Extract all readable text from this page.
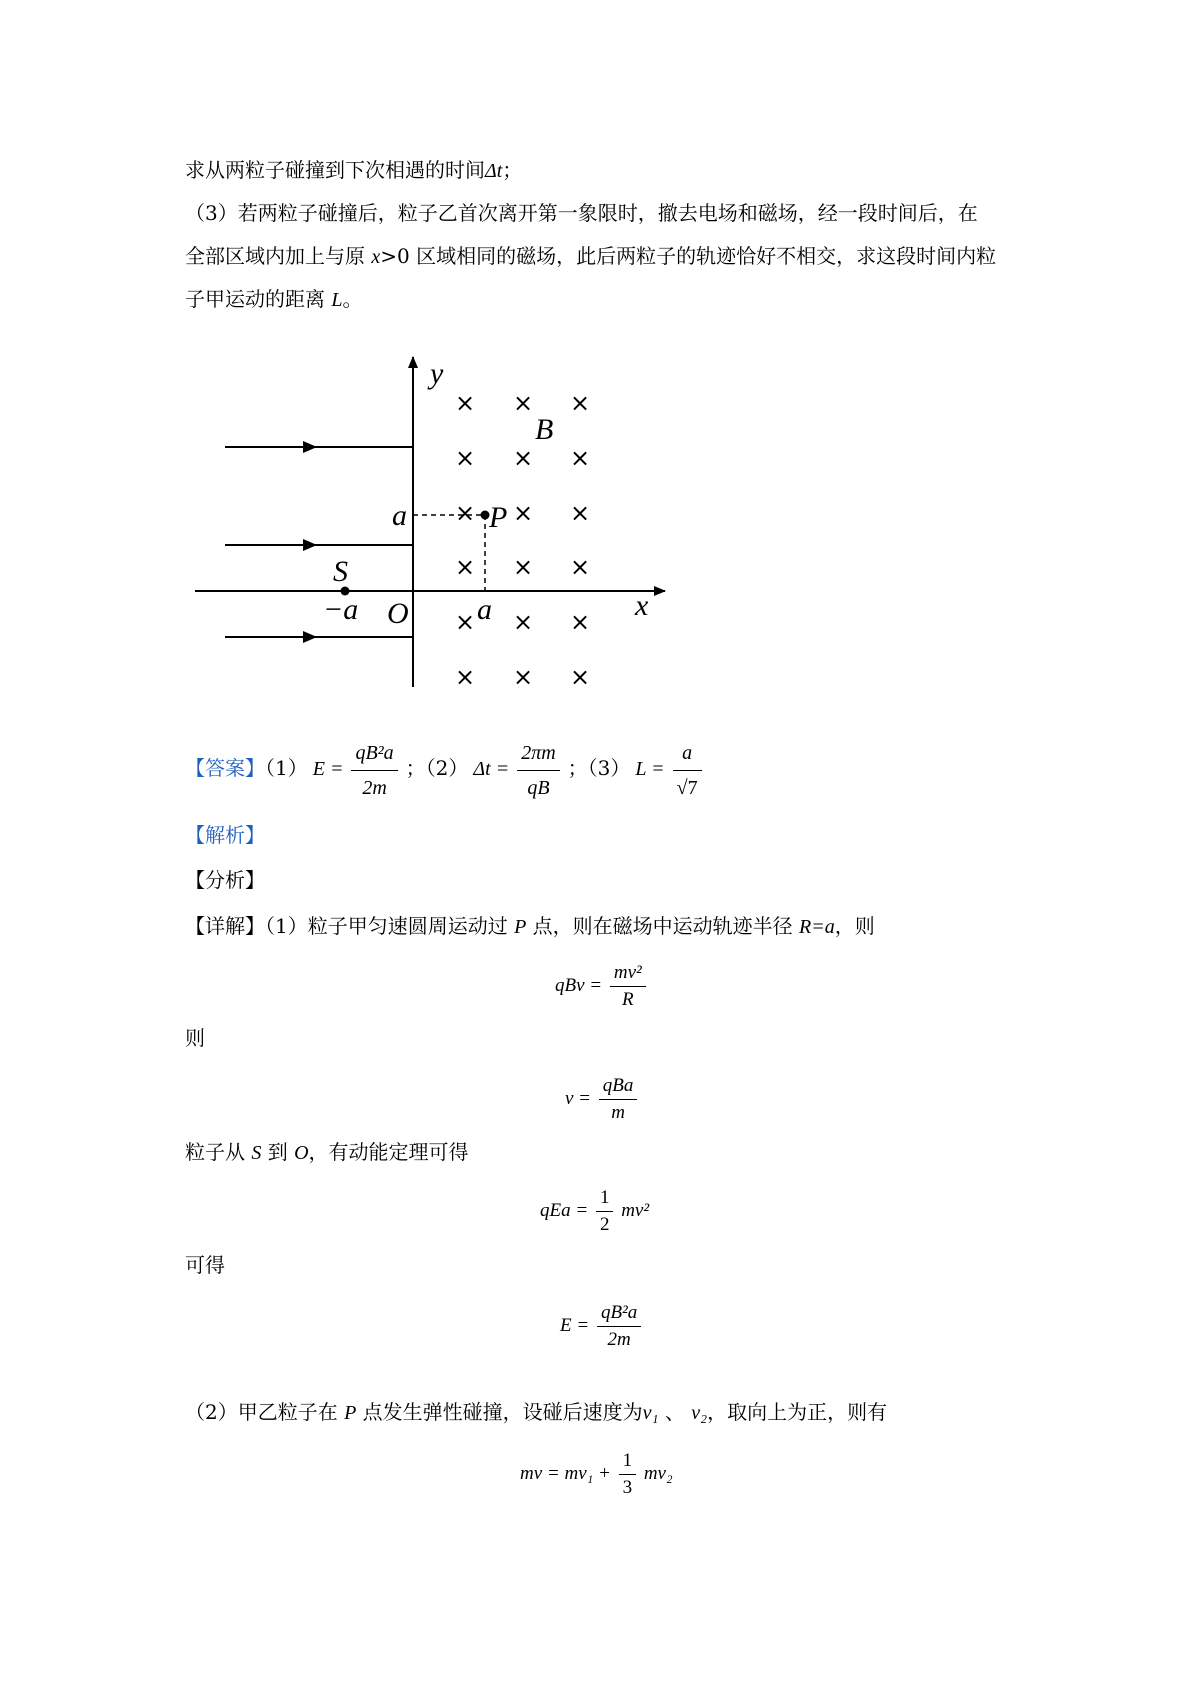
求从两粒子碰撞到下次相遇的时间Δt；

（3）若两粒子碰撞后，粒子乙首次离开第一象限时，撤去电场和磁场，经一段时间后，在

全部区域内加上与原 x>0 区域相同的磁场，此后两粒子的轨迹恰好不相交，求这段时间内粒

子甲运动的距离 L。

× × ×
× × ×
× × ×
× × ×
× × ×
× × ×
y
x
B
P
S
O
a
a
−a
【答案】（1） $E = \frac{\text{qB²a}}{2m}$ ；（2） $\Delta t = \frac{2\pi m}{qB}$ ；（3） $L = \frac{a}{√7}$

【解析】

【分析】

【详解】（1）粒子甲匀速圆周运动过 P 点，则在磁场中运动轨迹半径 R=a，则

qBv = $\frac{\text{mv²}}{R}$

则

$v = \frac{\text{qBa}}{m}$

粒子从 S 到 O，有动能定理可得

qEa = $\frac{1}{2} mv^2$

可得

$E = \frac{\text{qB²a}}{2m}$

（2）甲乙粒子在 P 点发生弹性碰撞，设碰后速度为v₁ 、 v₂，取向上为正，则有

mv = $mv_1 + \frac{1}{3} mv_2$
